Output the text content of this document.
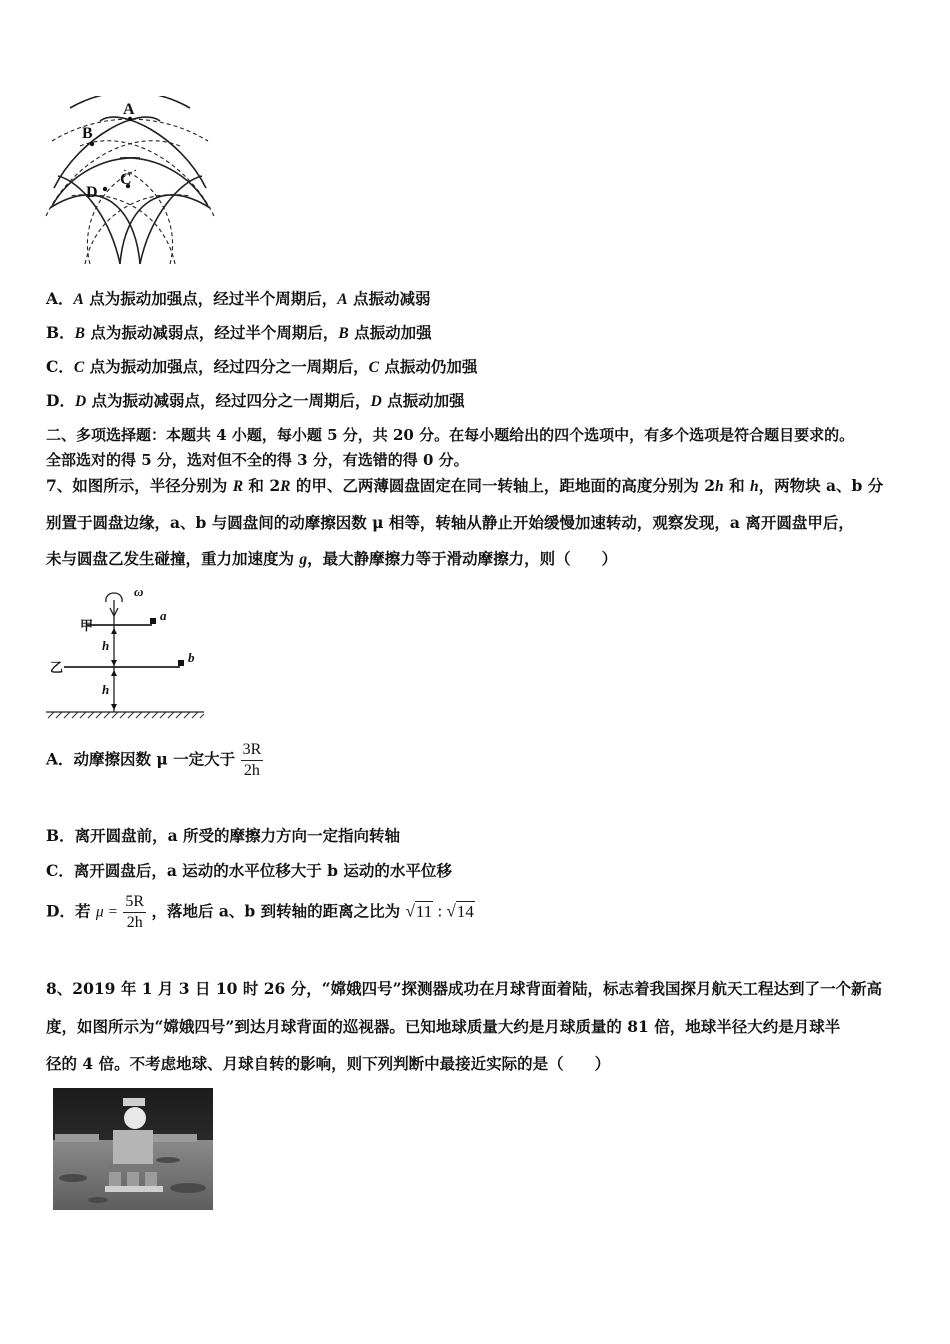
A
B
C
D
A．A 点为振动加强点，经过半个周期后，A 点振动减弱
B．B 点为振动减弱点，经过半个周期后，B 点振动加强
C．C 点为振动加强点，经过四分之一周期后，C 点振动仍加强
D．D 点为振动减弱点，经过四分之一周期后，D 点振动加强
二、多项选择题：本题共 4 小题，每小题 5 分，共 20 分。在每小题给出的四个选项中，有多个选项是符合题目要求的。
全部选对的得 5 分，选对但不全的得 3 分，有选错的得 0 分。
7、如图所示，半径分别为 R 和 2R 的甲、乙两薄圆盘固定在同一转轴上，距地面的高度分别为 2h 和 h，两物块 a、b 分
别置于圆盘边缘，a、b 与圆盘间的动摩擦因数 μ 相等，转轴从静止开始缓慢加速转动，观察发现，a 离开圆盘甲后，
未与圆盘乙发生碰撞，重力加速度为 g，最大静摩擦力等于滑动摩擦力，则（　　）
ω
甲
乙
a
b
h
h
A．动摩擦因数 μ 一定大于 $\frac{3R}{2h}$
B．离开圆盘前，a 所受的摩擦力方向一定指向转轴
C．离开圆盘后，a 运动的水平位移大于 b 运动的水平位移
D．若 $\mu = \frac{5R}{2h}$ ，落地后 a、b 到转轴的距离之比为 √11 : √14
8、2019 年 1 月 3 日 10 时 26 分，“嫦娥四号”探测器成功在月球背面着陆，标志着我国探月航天工程达到了一个新高
度，如图所示为“嫦娥四号”到达月球背面的巡视器。已知地球质量大约是月球质量的 81 倍，地球半径大约是月球半
径的 4 倍。不考虑地球、月球自转的影响，则下列判断中最接近实际的是（　　）
